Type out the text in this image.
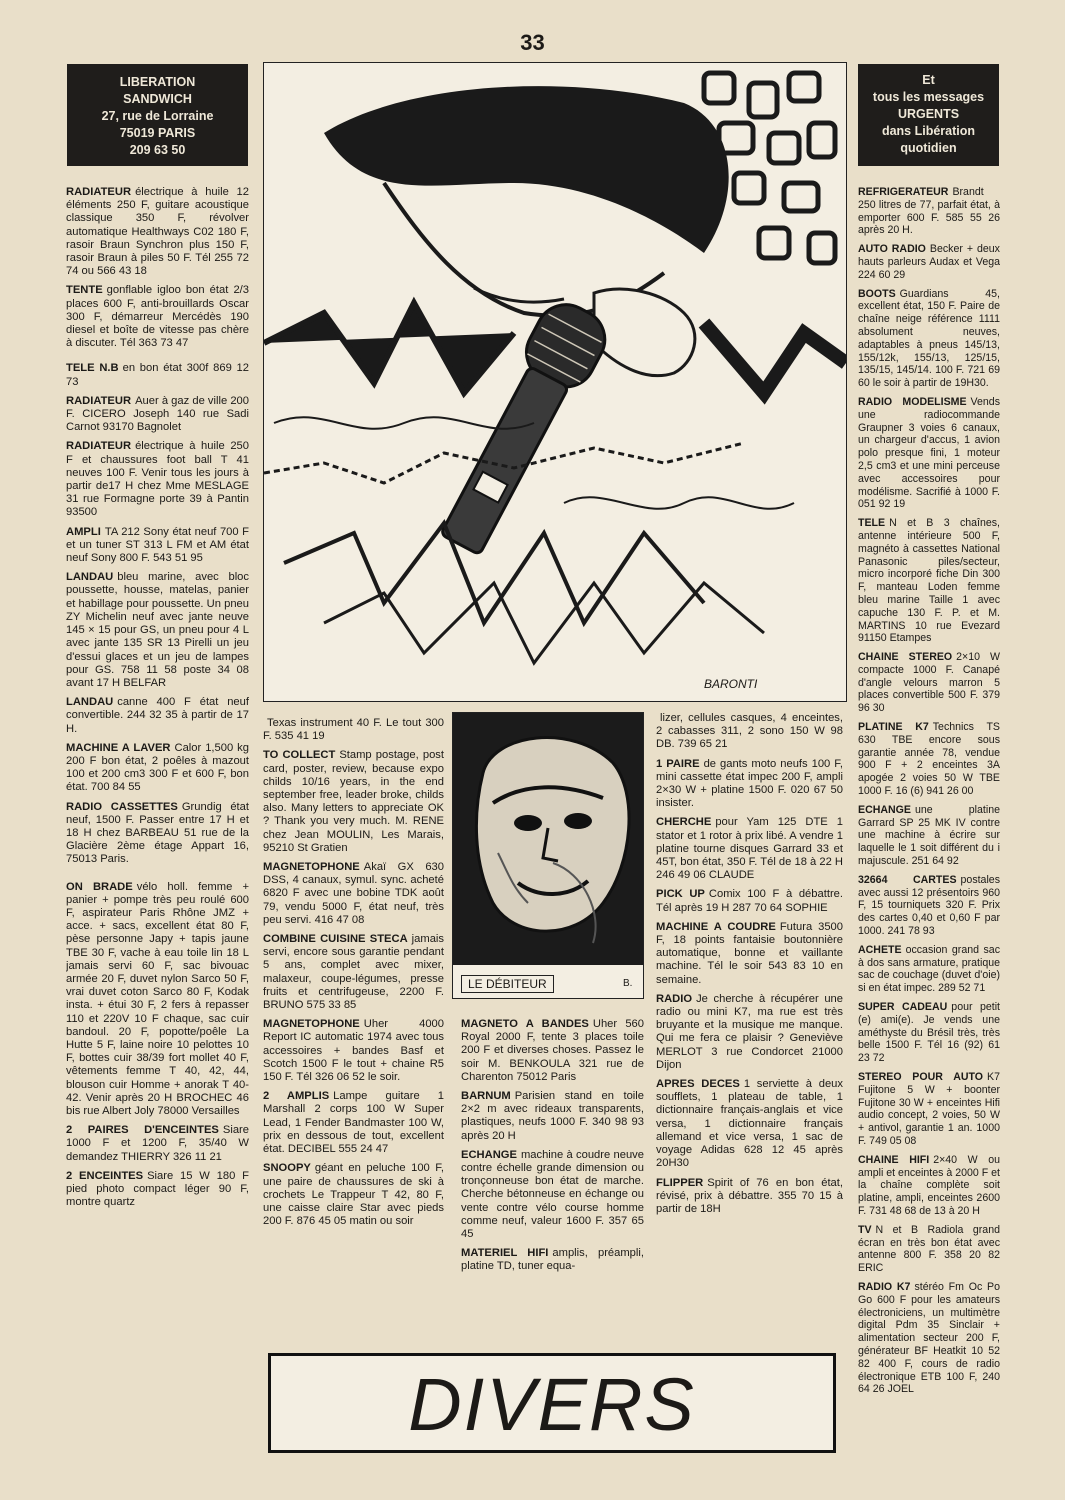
33
LIBERATION
SANDWICH
27, rue de Lorraine
75019 PARIS
209 63 50
Et
tous les messages
URGENTS
dans Libération
quotidien
RADIATEUR électrique à huile 12 éléments 250 F, guitare acoustique classique 350 F, révolver automatique Healthways C02 180 F, rasoir Braun Synchron plus 150 F, rasoir Braun à piles 50 F. Tél 255 72 74 ou 566 43 18
TENTE gonflable igloo bon état 2/3 places 600 F, anti-brouillards Oscar 300 F, démarreur Mercédès 190 diesel et boîte de vitesse pas chère à discuter. Tél 363 73 47
TELE N.B en bon état 300f 869 12 73
RADIATEUR Auer à gaz de ville 200 F. CICERO Joseph 140 rue Sadi Carnot 93170 Bagnolet
RADIATEUR électrique à huile 250 F et chaussures foot ball T 41 neuves 100 F. Venir tous les jours à partir de17 H chez Mme MESLAGE 31 rue Formagne porte 39 à Pantin 93500
AMPLI TA 212 Sony état neuf 700 F et un tuner ST 313 L FM et AM état neuf Sony 800 F. 543 51 95
LANDAU bleu marine, avec bloc poussette, housse, matelas, panier et habillage pour poussette. Un pneu ZY Michelin neuf avec jante neuve 145 × 15 pour GS, un pneu pour 4 L avec jante 135 SR 13 Pirelli un jeu d'essui glaces et un jeu de lampes pour GS. 758 11 58 poste 34 08 avant 17 H BELFAR
LANDAU canne 400 F état neuf convertible. 244 32 35 à partir de 17 H.
MACHINE A LAVER Calor 1,500 kg 200 F bon état, 2 poêles à mazout 100 et 200 cm3 300 F et 600 F, bon état. 700 84 55
RADIO CASSETTES Grundig état neuf, 1500 F. Passer entre 17 H et 18 H chez BARBEAU 51 rue de la Glacière 2ème étage Appart 16, 75013 Paris.
ON BRADE vélo holl. femme + panier + pompe très peu roulé 600 F, aspirateur Paris Rhône JMZ + acce. + sacs, excellent état 80 F, pèse personne Japy + tapis jaune TBE 30 F, vache à eau toile lin 18 L jamais servi 60 F, sac bivouac armée 20 F, duvet nylon Sarco 50 F, vrai duvet coton Sarco 80 F, Kodak insta. + étui 30 F, 2 fers à repasser 110 et 220V 10 F chaque, sac cuir bandoul. 20 F, popotte/poêle La Hutte 5 F, laine noire 10 pelottes 10 F, bottes cuir 38/39 fort mollet 40 F, vêtements femme T 40, 42, 44, blouson cuir Homme + anorak T 40-42. Venir après 20 H BROCHEC 46 bis rue Albert Joly 78000 Versailles
2 PAIRES D'ENCEINTES Siare 1000 F et 1200 F, 35/40 W demandez THIERRY 326 11 21
2 ENCEINTES Siare 15 W 180 F pied photo compact léger 90 F, montre quartz
BARONTI
Texas instrument 40 F. Le tout 300 F. 535 41 19
TO COLLECT Stamp postage, post card, poster, review, because expo childs 10/16 years, in the end september free, leader broke, childs also. Many letters to appreciate OK ? Thank you very much. M. RENE chez Jean MOULIN, Les Marais, 95210 St Gratien
MAGNETOPHONE Akaï GX 630 DSS, 4 canaux, symul. sync. acheté 6820 F avec une bobine TDK août 79, vendu 5000 F, état neuf, très peu servi. 416 47 08
COMBINE CUISINE STECA jamais servi, encore sous garantie pendant 5 ans, complet avec mixer, malaxeur, coupe-légumes, presse fruits et centrifugeuse, 2200 F. BRUNO 575 33 85
MAGNETOPHONE Uher 4000 Report IC automatic 1974 avec tous accessoires + bandes Basf et Scotch 1500 F le tout + chaine R5 150 F. Tél 326 06 52 le soir.
2 AMPLIS Lampe guitare 1 Marshall 2 corps 100 W Super Lead, 1 Fender Bandmaster 100 W, prix en dessous de tout, excellent état. DECIBEL 555 24 47
SNOOPY géant en peluche 100 F, une paire de chaussures de ski à crochets Le Trappeur T 42, 80 F, une caisse claire Star avec pieds 200 F. 876 45 05 matin ou soir
LE DÉBITEUR	B.
MAGNETO A BANDES Uher 560 Royal 2000 F, tente 3 places toile 200 F et diverses choses. Passez le soir M. BENKOULA 321 rue de Charenton 75012 Paris
BARNUM Parisien stand en toile 2×2 m avec rideaux transparents, plastiques, neufs 1000 F. 340 98 93 après 20 H
ECHANGE machine à coudre neuve contre échelle grande dimension ou tronçonneuse bon état de marche. Cherche bétonneuse en échange ou vente contre vélo course homme comme neuf, valeur 1600 F. 357 65 45
MATERIEL HIFI amplis, préampli, platine TD, tuner equa-
lizer, cellules casques, 4 enceintes, 2 cabasses 311, 2 sono 150 W 98 DB. 739 65 21
1 PAIRE de gants moto neufs 100 F, mini cassette état impec 200 F, ampli 2×30 W + platine 1500 F. 020 67 50 insister.
CHERCHE pour Yam 125 DTE 1 stator et 1 rotor à prix libé. A vendre 1 platine tourne disques Garrard 33 et 45T, bon état, 350 F. Tél de 18 à 22 H 246 49 06 CLAUDE
PICK UP Comix 100 F à débattre. Tél après 19 H 287 70 64 SOPHIE
MACHINE A COUDRE Futura 3500 F, 18 points fantaisie boutonnière automatique, bonne et vaillante machine. Tél le soir 543 83 10 en semaine.
RADIO Je cherche à récupérer une radio ou mini K7, ma rue est très bruyante et la musique me manque. Qui me fera ce plaisir ? Geneviève MERLOT 3 rue Condorcet 21000 Dijon
APRES DECES 1 serviette à deux soufflets, 1 plateau de table, 1 dictionnaire français-anglais et vice versa, 1 dictionnaire français allemand et vice versa, 1 sac de voyage Adidas 628 12 45 après 20H30
FLIPPER Spirit of 76 en bon état, révisé, prix à débattre. 355 70 15 à partir de 18H
DIVERS
REFRIGERATEUR Brandt 250 litres de 77, parfait état, à emporter 600 F. 585 55 26 après 20 H.
AUTO RADIO Becker + deux hauts parleurs Audax et Vega 224 60 29
BOOTS Guardians 45, excellent état, 150 F. Paire de chaîne neige référence 1111 absolument neuves, adaptables à pneus 145/13, 155/12k, 155/13, 125/15, 135/15, 145/14. 100 F. 721 69 60 le soir à partir de 19H30.
RADIO MODELISME Vends une radiocommande Graupner 3 voies 6 canaux, un chargeur d'accus, 1 avion polo presque fini, 1 moteur 2,5 cm3 et une mini perceuse avec accessoires pour modélisme. Sacrifié à 1000 F. 051 92 19
TELE N et B 3 chaînes, antenne intérieure 500 F, magnéto à cassettes National Panasonic piles/secteur, micro incorporé fiche Din 300 F, manteau Loden femme bleu marine Taille 1 avec capuche 130 F. P. et M. MARTINS 10 rue Evezard 91150 Etampes
CHAINE STEREO 2×10 W compacte 1000 F. Canapé d'angle velours marron 5 places convertible 500 F. 379 96 30
PLATINE K7 Technics TS 630 TBE encore sous garantie année 78, vendue 900 F + 2 enceintes 3A apogée 2 voies 50 W TBE 1000 F. 16 (6) 941 26 00
ECHANGE une platine Garrard SP 25 MK IV contre une machine à écrire sur laquelle le 1 soit différent du i majuscule. 251 64 92
32664 CARTES postales avec aussi 12 présentoirs 960 F, 15 tourniquets 320 F. Prix des cartes 0,40 et 0,60 F par 1000. 241 78 93
ACHETE occasion grand sac à dos sans armature, pratique sac de couchage (duvet d'oie) si en état impec. 289 52 71
SUPER CADEAU pour petit (e) ami(e). Je vends une améthyste du Brésil très, très belle 1500 F. Tél 16 (92) 61 23 72
STEREO POUR AUTO K7 Fujitone 5 W + boonter Fujitone 30 W + enceintes Hifi audio concept, 2 voies, 50 W + antivol, garantie 1 an. 1000 F. 749 05 08
CHAINE HIFI 2×40 W ou ampli et enceintes à 2000 F et la chaîne complète soit platine, ampli, enceintes 2600 F. 731 48 68 de 13 à 20 H
TV N et B Radiola grand écran en très bon état avec antenne 800 F. 358 20 82 ERIC
RADIO K7 stéréo Fm Oc Po Go 600 F pour les amateurs électroniciens, un multimètre digital Pdm 35 Sinclair + alimentation secteur 200 F, générateur BF Heatkit 10 52 82 400 F, cours de radio électronique ETB 100 F, 240 64 26 JOEL
